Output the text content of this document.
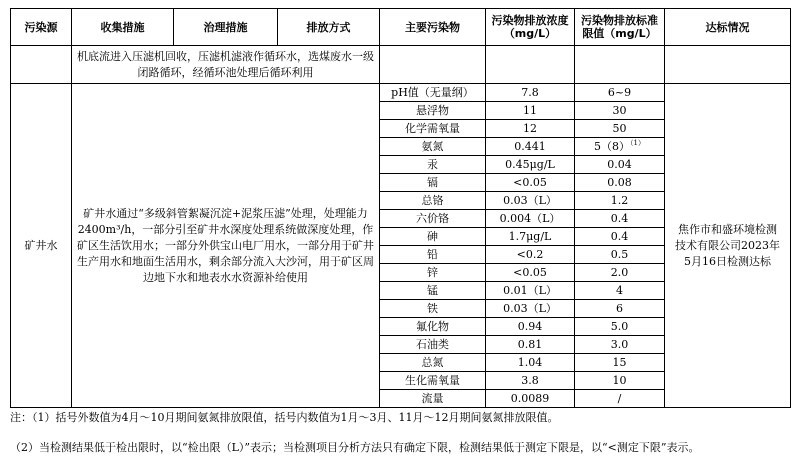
污染源	收集措施	治理措施	排放方式	主要污染物	污染物排放浓度（mg/L）	污染物排放标准限值（mg/L）	达标情况
	机底流进入压滤机回收，压滤机滤液作循环水，选煤废水一级闭路循环，经循环池处理后循环利用						
矿井水	矿井水通过“多级斜管絮凝沉淀+泥浆压滤”处理，处理能力2400m³/h，一部分引至矿井水深度处理系统做深度处理，作矿区生活饮用水；一部分外供宝山电厂用水，一部分用于矿井生产用水和地面生活用水，剩余部分流入大沙河，用于矿区周边地下水和地表水水资源补给使用			pH值（无量纲）	7.8	6~9	焦作市和盛环境检测技术有限公司2023年5月16日检测达标
				悬浮物	11	30	
				化学需氧量	12	50	
				氨氮	0.441	$5(8)^{(1)}$
				汞	0.45μg/L	0.04	
				镉	<0.05	0.08	
				总铬	0.03（L）	1.2	
				六价铬	0.004（L）	0.4	
				砷	1.7μg/L	0.4	
				铅	<0.2	0.5	
				锌	<0.05	2.0	
				锰	0.01（L）	4	
				铁	0.03（L）	6	
				氟化物	0.94	5.0	
				石油类	0.81	3.0	
				总氮	1.04	15	
				生化需氧量	3.8	10	
				流量	0.0089	/	
注：（1）括号外数值为4月～10月期间氨氮排放限值，括号内数值为1月～3月、11月～12月期间氨氮排放限值。
（2）当检测结果低于检出限时，以“检出限（L）”表示；当检测项目分析方法只有确定下限，检测结果低于测定下限是，以“<测定下限”表示。
